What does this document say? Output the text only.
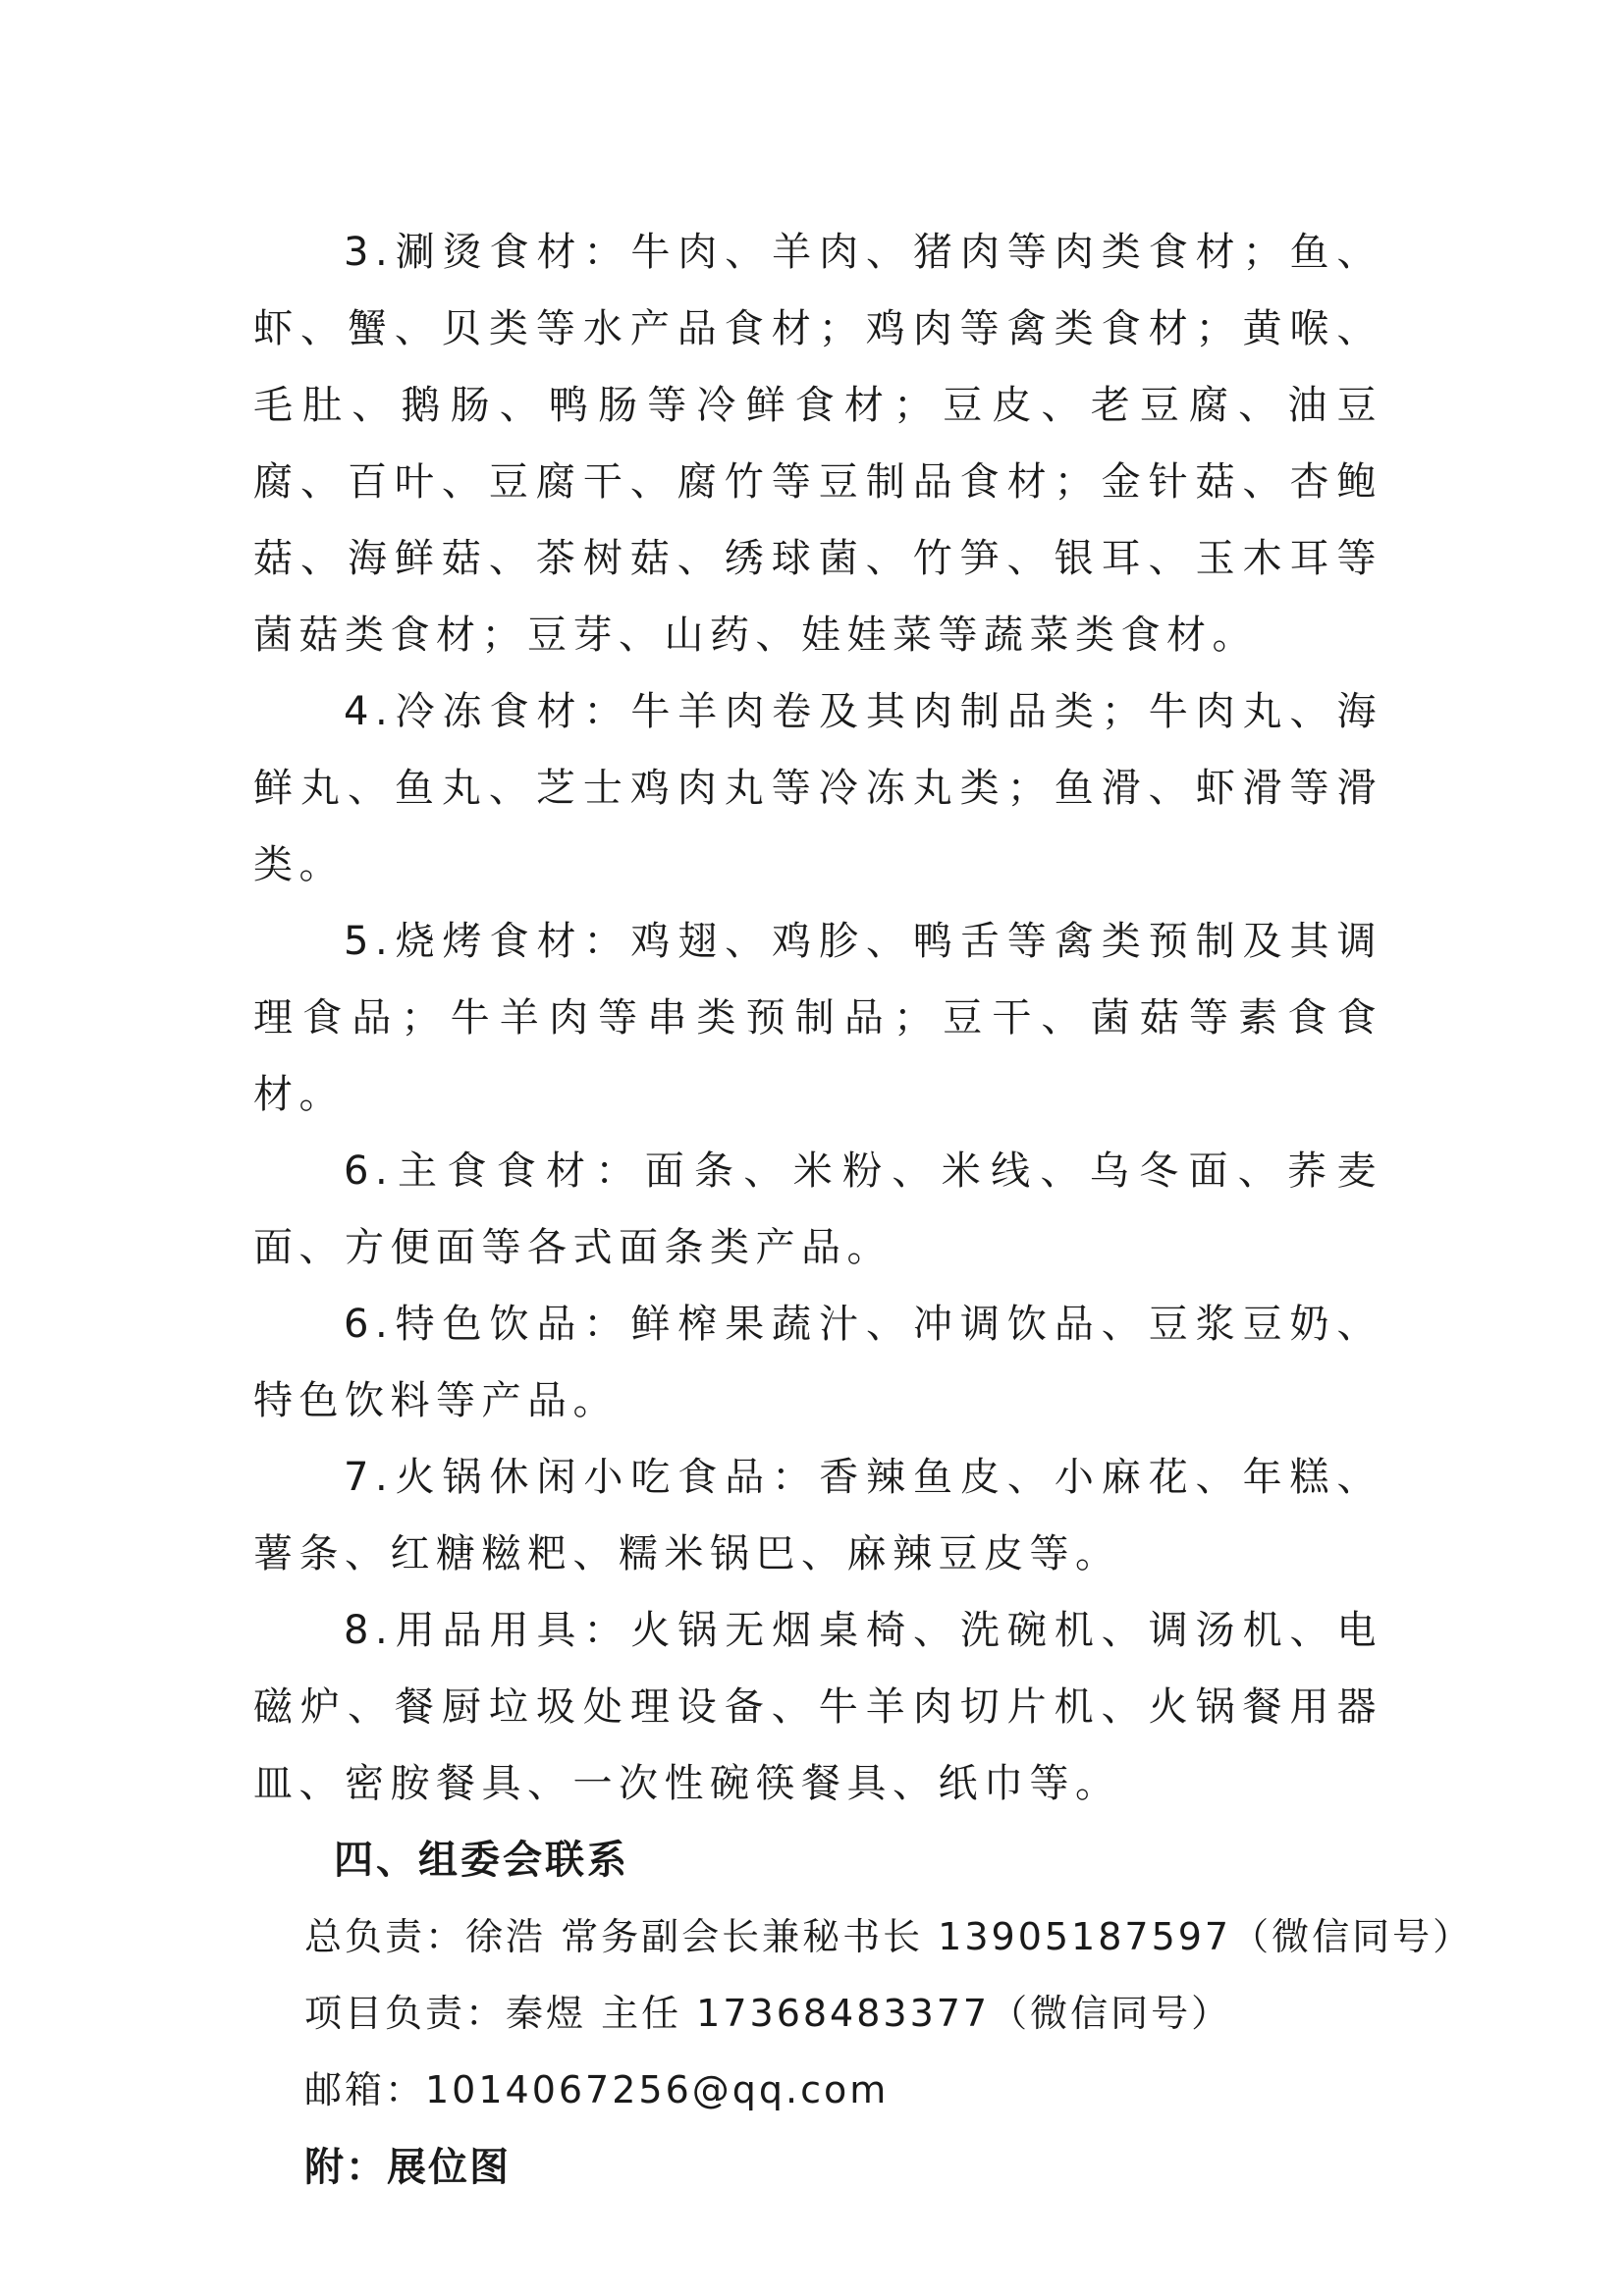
3.涮烫食材：牛肉、羊肉、猪肉等肉类食材；鱼、虾、蟹、贝类等水产品食材；鸡肉等禽类食材；黄喉、毛肚、鹅肠、鸭肠等冷鲜食材；豆皮、老豆腐、油豆腐、百叶、豆腐干、腐竹等豆制品食材；金针菇、杏鲍菇、海鲜菇、茶树菇、绣球菌、竹笋、银耳、玉木耳等菌菇类食材；豆芽、山药、娃娃菜等蔬菜类食材。

4.冷冻食材：牛羊肉卷及其肉制品类；牛肉丸、海鲜丸、鱼丸、芝士鸡肉丸等冷冻丸类；鱼滑、虾滑等滑类。

5.烧烤食材：鸡翅、鸡胗、鸭舌等禽类预制及其调理食品；牛羊肉等串类预制品；豆干、菌菇等素食食材。

6.主食食材：面条、米粉、米线、乌冬面、荞麦面、方便面等各式面条类产品。

6.特色饮品：鲜榨果蔬汁、冲调饮品、豆浆豆奶、特色饮料等产品。

7.火锅休闲小吃食品：香辣鱼皮、小麻花、年糕、薯条、红糖糍粑、糯米锅巴、麻辣豆皮等。

8.用品用具：火锅无烟桌椅、洗碗机、调汤机、电磁炉、餐厨垃圾处理设备、牛羊肉切片机、火锅餐用器皿、密胺餐具、一次性碗筷餐具、纸巾等。

四、组委会联系

总负责：徐浩 常务副会长兼秘书长 13905187597（微信同号）

项目负责：秦煜 主任 17368483377（微信同号）

邮箱：1014067256@qq.com

附：展位图
